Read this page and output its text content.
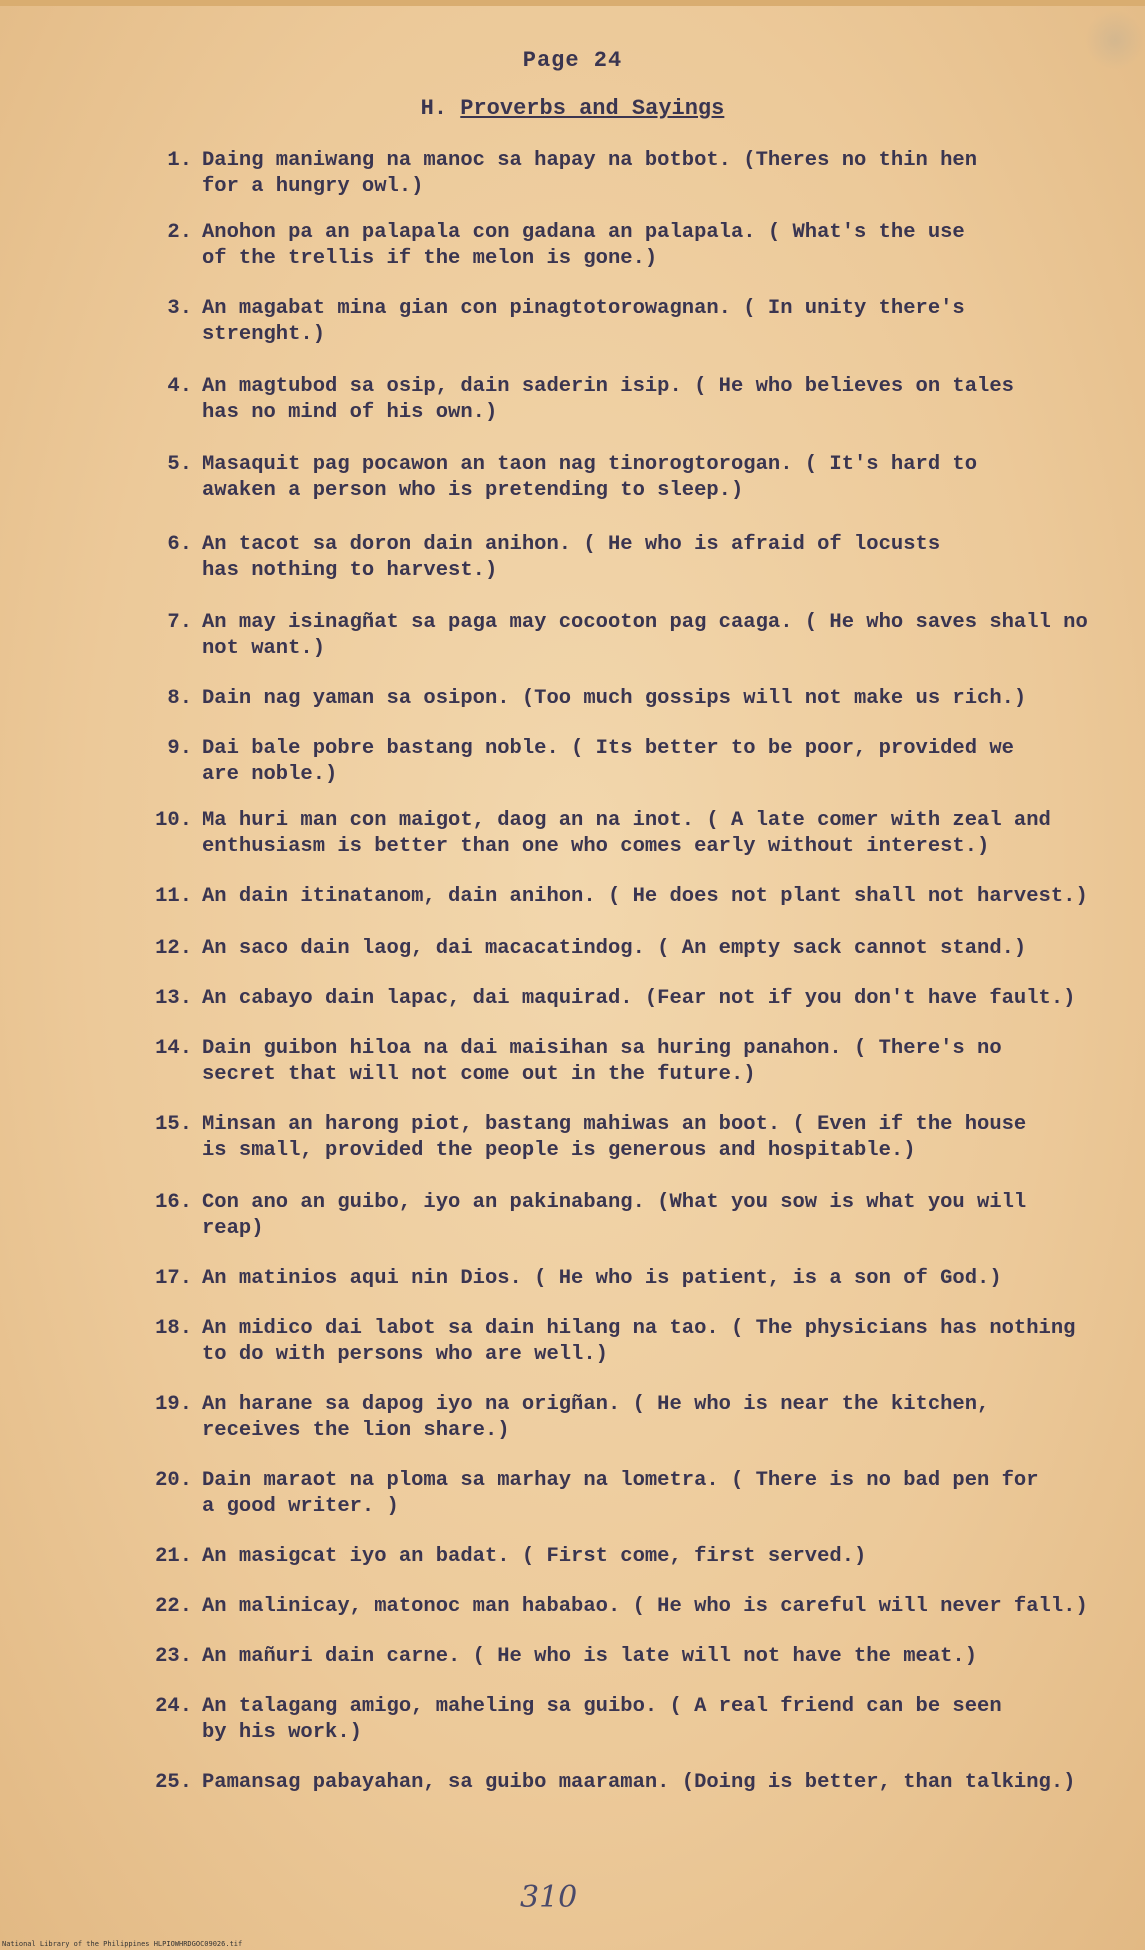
Page 24
H. Proverbs and Sayings
1. Daing maniwang na manoc sa hapay na botbot. (Theres no thin hen
for a hungry owl.)
2. Anohon pa an palapala con gadana an palapala. ( What's the use
of the trellis if the melon is gone.)
3. An magabat mina gian con pinagtotorowagnan. ( In unity there's
strenght.)
4. An magtubod sa osip, dain saderin isip. ( He who believes on tales
has no mind of his own.)
5. Masaquit pag pocawon an taon nag tinorogtorogan. ( It's hard to
awaken a person who is pretending to sleep.)
6. An tacot sa doron dain anihon. ( He who is afraid of locusts
has nothing to harvest.)
7. An may isinagñat sa paga may cocooton pag caaga. ( He who saves shall no
not want.)
8. Dain nag yaman sa osipon. (Too much gossips will not make us rich.)
9. Dai bale pobre bastang noble. ( Its better to be poor, provided we
are noble.)
10. Ma huri man con maigot, daog an na inot. ( A late comer with zeal and
enthusiasm is better than one who comes early without interest.)
11. An dain itinatanom, dain anihon. ( He does not plant shall not harvest.)
12. An saco dain laog, dai macacatindog. ( An empty sack cannot stand.)
13. An cabayo dain lapac, dai maquirad. (Fear not if you don't have fault.)
14. Dain guibon hiloa na dai maisihan sa huring panahon. ( There's no
secret that will not come out in the future.)
15. Minsan an harong piot, bastang mahiwas an boot. ( Even if the house
is small, provided the people is generous and hospitable.)
16. Con ano an guibo, iyo an pakinabang. (What you sow is what you will
reap)
17. An matinios aqui nin Dios. ( He who is patient, is a son of God.)
18. An midico dai labot sa dain hilang na tao. ( The physicians has nothing
to do with persons who are well.)
19. An harane sa dapog iyo na origñan. ( He who is near the kitchen,
receives the lion share.)
20. Dain maraot na ploma sa marhay na lometra. ( There is no bad pen for
a good writer. )
21. An masigcat iyo an badat. ( First come, first served.)
22. An malinicay, matonoc man hababao. ( He who is careful will never fall.)
23. An mañuri dain carne. ( He who is late will not have the meat.)
24. An talagang amigo, maheling sa guibo. ( A real friend can be seen
by his work.)
25. Pamansag pabayahan, sa guibo maaraman. (Doing is better, than talking.)
310
National Library of the Philippines HLPIOWHRDGOC09026.tif
